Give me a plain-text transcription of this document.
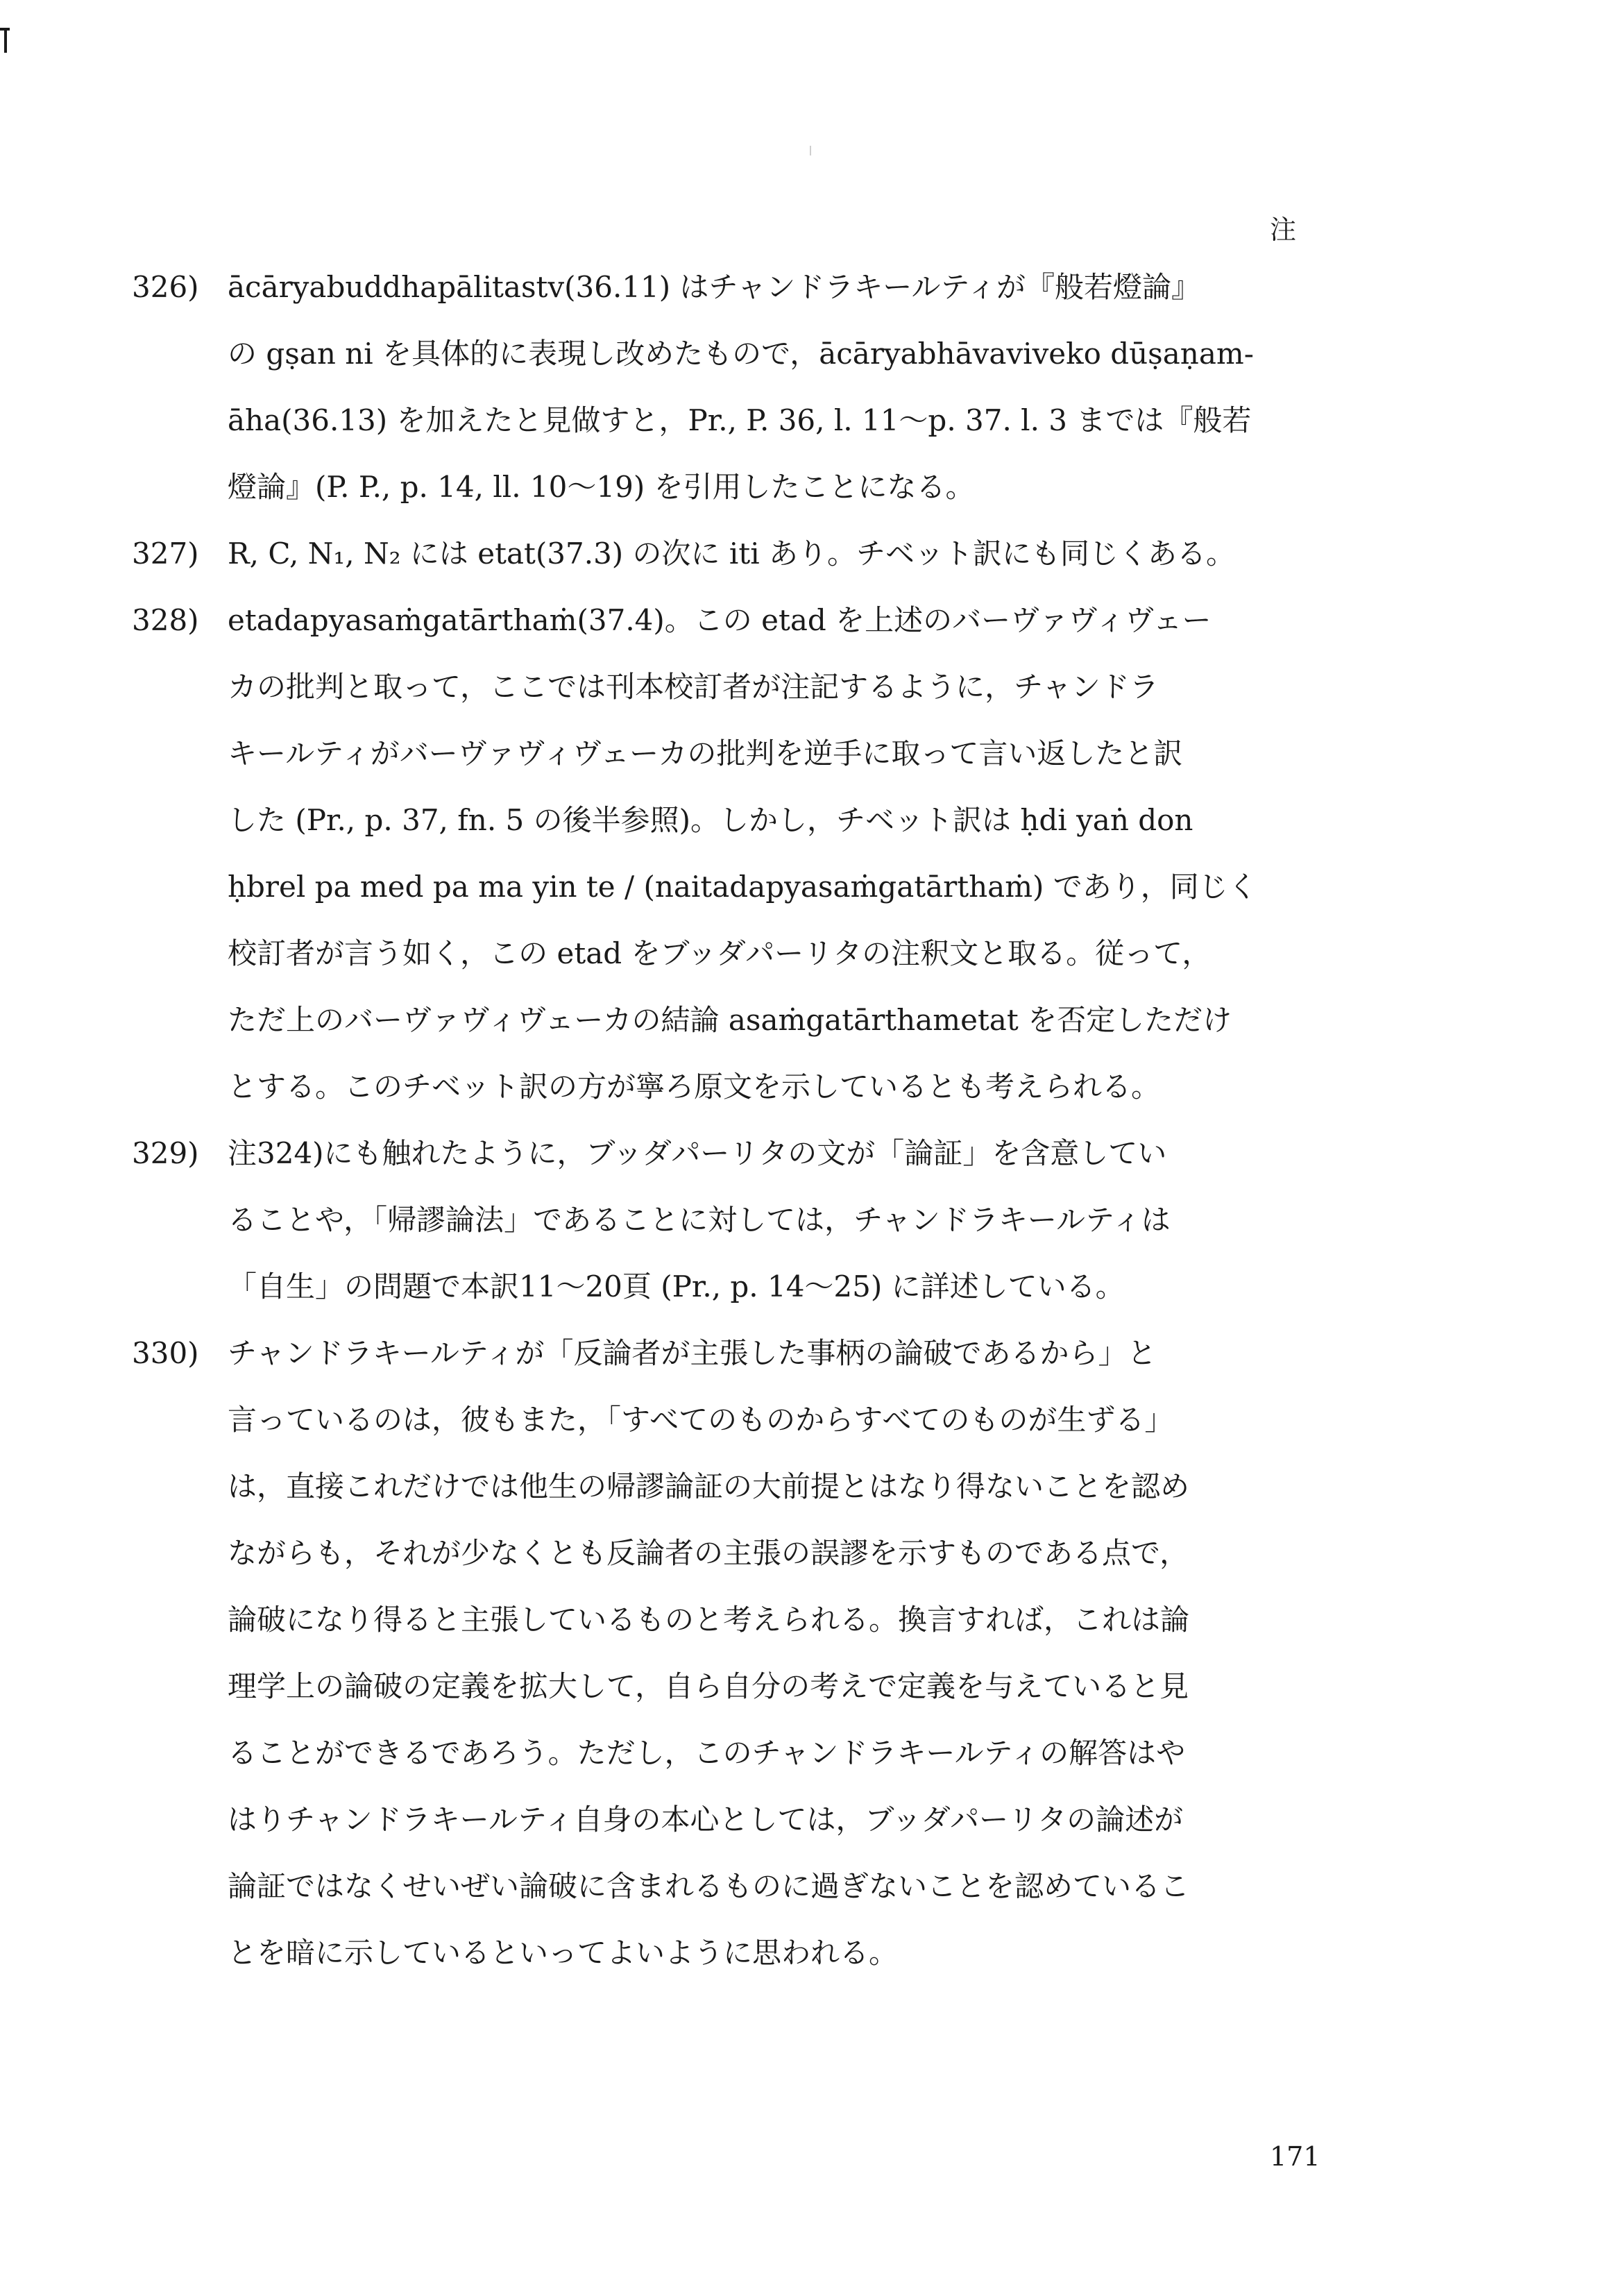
注
326) ācāryabuddhapālitastv(36.11) はチャンドラキールティが『般若燈論』
の gṣan ni を具体的に表現し改めたもので，ācāryabhāvaviveko dūṣaṇam-
āha(36.13) を加えたと見做すと，Pr., P. 36, l. 11～p. 37. l. 3 までは『般若
燈論』(P. P., p. 14, ll. 10～19) を引用したことになる。
327) R, C, N₁, N₂ には etat(37.3) の次に iti あり。チベット訳にも同じくある。
328) etadapyasaṁgatārthaṁ(37.4)。この etad を上述のバーヴァヴィヴェー
カの批判と取って，ここでは刊本校訂者が注記するように，チャンドラ
キールティがバーヴァヴィヴェーカの批判を逆手に取って言い返したと訳
した (Pr., p. 37, fn. 5 の後半参照)。しかし，チベット訳は ḥdi yaṅ don
ḥbrel pa med pa ma yin te / (naitadapyasaṁgatārthaṁ) であり，同じく
校訂者が言う如く，この etad をブッダパーリタの注釈文と取る。従って，
ただ上のバーヴァヴィヴェーカの結論 asaṁgatārthametat を否定しただけ
とする。このチベット訳の方が寧ろ原文を示しているとも考えられる。
329) 注324)にも触れたように，ブッダパーリタの文が「論証」を含意してい
ることや，「帰謬論法」であることに対しては，チャンドラキールティは
「自生」の問題で本訳11～20頁 (Pr., p. 14～25) に詳述している。
330) チャンドラキールティが「反論者が主張した事柄の論破であるから」と
言っているのは，彼もまた，「すべてのものからすべてのものが生ずる」
は，直接これだけでは他生の帰謬論証の大前提とはなり得ないことを認め
ながらも，それが少なくとも反論者の主張の誤謬を示すものである点で，
論破になり得ると主張しているものと考えられる。換言すれば，これは論
理学上の論破の定義を拡大して，自ら自分の考えで定義を与えていると見
ることができるであろう。ただし，このチャンドラキールティの解答はや
はりチャンドラキールティ自身の本心としては，ブッダパーリタの論述が
論証ではなくせいぜい論破に含まれるものに過ぎないことを認めているこ
とを暗に示しているといってよいように思われる。
171
